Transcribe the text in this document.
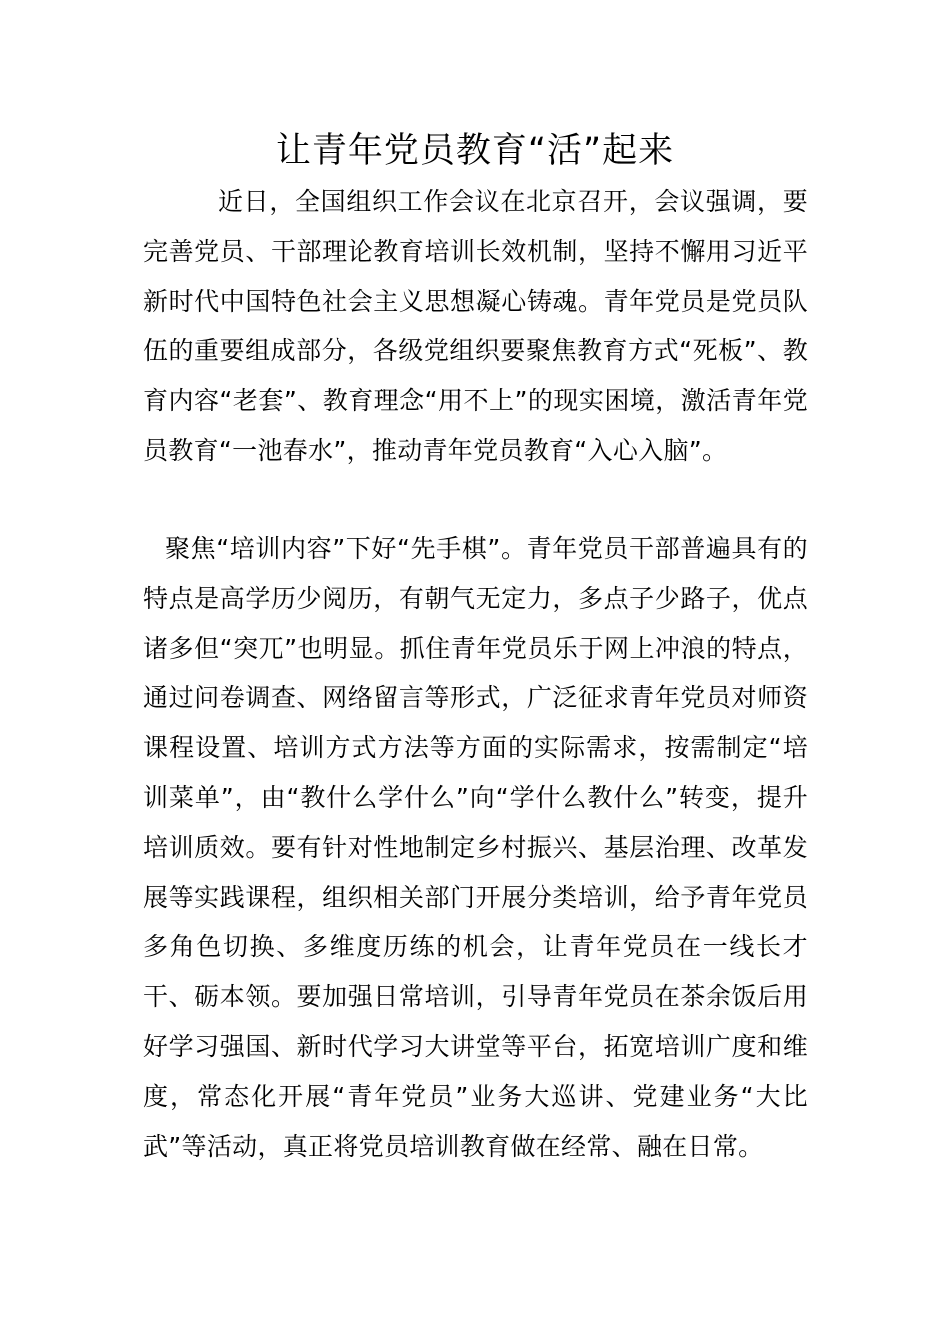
让青年党员教育“活”起来

近日，全国组织工作会议在北京召开，会议强调，要完善党员、干部理论教育培训长效机制，坚持不懈用习近平新时代中国特色社会主义思想凝心铸魂。青年党员是党员队伍的重要组成部分，各级党组织要聚焦教育方式“死板”、教育内容“老套”、教育理念“用不上”的现实困境，激活青年党员教育“一池春水”，推动青年党员教育“入心入脑”。

聚焦“培训内容”下好“先手棋”。青年党员干部普遍具有的特点是高学历少阅历，有朝气无定力，多点子少路子，优点诸多但“突兀”也明显。抓住青年党员乐于网上冲浪的特点，通过问卷调查、网络留言等形式，广泛征求青年党员对师资课程设置、培训方式方法等方面的实际需求，按需制定“培训菜单”，由“教什么学什么”向“学什么教什么”转变，提升培训质效。要有针对性地制定乡村振兴、基层治理、改革发展等实践课程，组织相关部门开展分类培训，给予青年党员多角色切换、多维度历练的机会，让青年党员在一线长才干、砺本领。要加强日常培训，引导青年党员在茶余饭后用好学习强国、新时代学习大讲堂等平台，拓宽培训广度和维度，常态化开展“青年党员”业务大巡讲、党建业务“大比武”等活动，真正将党员培训教育做在经常、融在日常。
